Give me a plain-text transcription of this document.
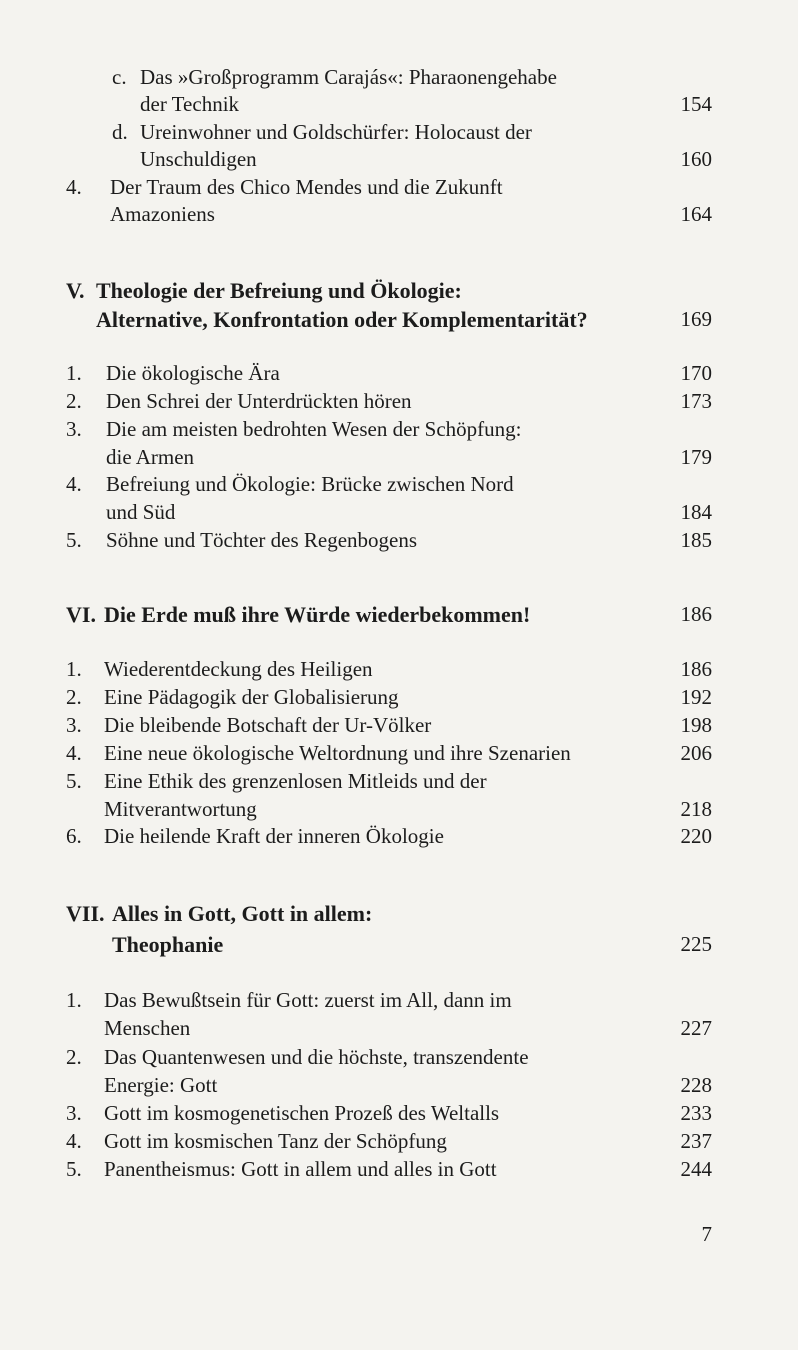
c. Das »Großprogramm Carajás«: Pharaonengehabe
der Technik	154
d. Ureinwohner und Goldschürfer: Holocaust der
Unschuldigen	160
4. Der Traum des Chico Mendes und die Zukunft
Amazoniens	164
V. Theologie der Befreiung und Ökologie:
Alternative, Konfrontation oder Komplementarität?	169
1. Die ökologische Ära	170
2. Den Schrei der Unterdrückten hören	173
3. Die am meisten bedrohten Wesen der Schöpfung:
die Armen	179
4. Befreiung und Ökologie: Brücke zwischen Nord
und Süd	184
5. Söhne und Töchter des Regenbogens	185
VI. Die Erde muß ihre Würde wiederbekommen!	186
1. Wiederentdeckung des Heiligen	186
2. Eine Pädagogik der Globalisierung	192
3. Die bleibende Botschaft der Ur-Völker	198
4. Eine neue ökologische Weltordnung und ihre Szenarien	206
5. Eine Ethik des grenzenlosen Mitleids und der
Mitverantwortung	218
6. Die heilende Kraft der inneren Ökologie	220
VII. Alles in Gott, Gott in allem:
Theophanie	225
1. Das Bewußtsein für Gott: zuerst im All, dann im
Menschen	227
2. Das Quantenwesen und die höchste, transzendente
Energie: Gott	228
3. Gott im kosmogenetischen Prozeß des Weltalls	233
4. Gott im kosmischen Tanz der Schöpfung	237
5. Panentheismus: Gott in allem und alles in Gott	244
7
